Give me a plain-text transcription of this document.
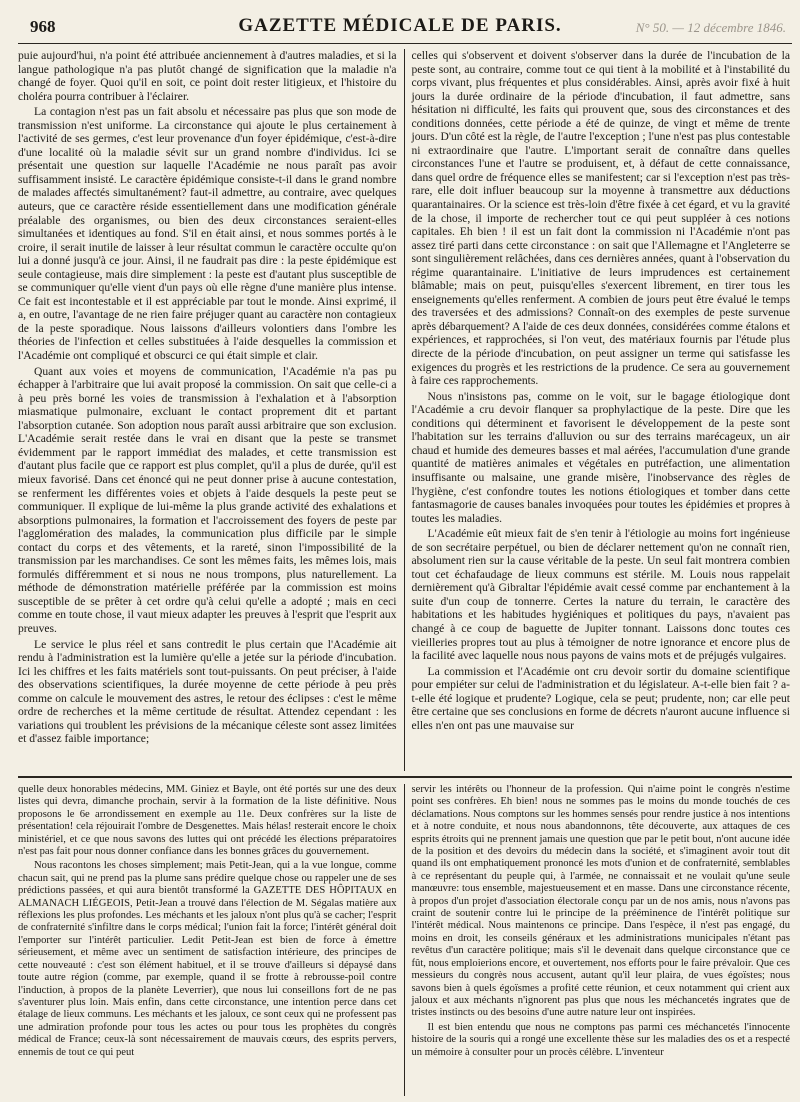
968	GAZETTE MÉDICALE DE PARIS.	N° 50. — 12 décembre 1846.

puie aujourd'hui, n'a point été attribuée anciennement à d'autres maladies, et si la langue pathologique n'a pas plutôt changé de signification que la maladie n'a changé de foyer. Quoi qu'il en soit, ce point doit rester litigieux, et l'histoire du choléra pourra contribuer à l'éclairer.

La contagion n'est pas un fait absolu et nécessaire pas plus que son mode de transmission n'est uniforme. La circonstance qui ajoute le plus certainement à l'activité de ses germes, c'est leur provenance d'un foyer épidémique, c'est-à-dire d'une localité où la maladie sévit sur un grand nombre d'individus. Ici se présentait une question sur laquelle l'Académie ne nous paraît pas avoir suffisamment insisté. Le caractère épidémique consiste-t-il dans le grand nombre de malades affectés simultanément? faut-il admettre, au contraire, avec quelques auteurs, que ce caractère réside essentiellement dans une modification générale préalable des organismes, ou bien des deux circonstances seraient-elles simultanées et identiques au fond. S'il en était ainsi, et nous sommes portés à le croire, il serait inutile de laisser à leur résultat commun le caractère occulte qu'on lui a donné jusqu'à ce jour. Ainsi, il ne faudrait pas dire : la peste épidémique est seule contagieuse, mais dire simplement : la peste est d'autant plus susceptible de se communiquer qu'elle vient d'un pays où elle règne d'une manière plus intense. Ce fait est incontestable et il est appréciable par tout le monde. Ainsi exprimé, il a, en outre, l'avantage de ne rien faire préjuger quant au caractère non contagieux de la peste sporadique. Nous laissons d'ailleurs volontiers dans l'ombre les théories de l'infection et celles substituées à l'aide desquelles la commission et l'Académie ont compliqué et obscurci ce qui était simple et clair.

Quant aux voies et moyens de communication, l'Académie n'a pas pu échapper à l'arbitraire que lui avait proposé la commission. On sait que celle-ci a à peu près borné les voies de transmission à l'exhalation et à l'absorption miasmatique pulmonaire, excluant le contact proprement dit et partant l'absorption cutanée. Son adoption nous paraît aussi arbitraire que son exclusion. L'Académie serait restée dans le vrai en disant que la peste se transmet évidemment par le rapport immédiat des malades, et cette transmission est d'autant plus facile que ce rapport est plus complet, qu'il a plus de durée, qu'il est mieux favorisé. Dans cet énoncé qui ne peut donner prise à aucune contestation, se renferment les différentes voies et objets à l'aide desquels la peste peut se communiquer. Il explique de lui-même la plus grande activité des exhalations et absorptions pulmonaires, la formation et l'accroissement des foyers de peste par l'agglomération des malades, la communication plus difficile par le simple contact du corps et des vêtements, et la rareté, sinon l'impossibilité de la transmission par les marchandises. Ce sont les mêmes faits, les mêmes lois, mais formulés différemment et si nous ne nous trompons, plus naturellement. La méthode de démonstration matérielle préférée par la commission est moins susceptible de se prêter à cet ordre qu'à celui qu'elle a adopté ; mais en ceci comme en toute chose, il vaut mieux adapter les preuves à l'esprit que l'esprit aux preuves.

Le service le plus réel et sans contredit le plus certain que l'Académie ait rendu à l'administration est la lumière qu'elle a jetée sur la période d'incubation. Ici les chiffres et les faits matériels sont tout-puissants. On peut préciser, à l'aide des observations scientifiques, la durée moyenne de cette période à peu près comme on calcule le mouvement des astres, le retour des éclipses : c'est le même ordre de recherches et la même certitude de résultat. Attendez cependant : les variations qui troublent les prévisions de la mécanique céleste sont assez limitées et d'assez faible importance;

celles qui s'observent et doivent s'observer dans la durée de l'incubation de la peste sont, au contraire, comme tout ce qui tient à la mobilité et à l'instabilité du corps vivant, plus fréquentes et plus considérables. Ainsi, après avoir fixé à huit jours la durée ordinaire de la période d'incubation, il faut admettre, sans hésitation ni difficulté, les faits qui prouvent que, sous des circonstances et des conditions données, cette période a été de quinze, de vingt et même de trente jours. D'un côté est la règle, de l'autre l'exception ; l'une n'est pas plus contestable ni extraordinaire que l'autre. L'important serait de connaître dans quelles circonstances l'une et l'autre se produisent, et, à défaut de cette connaissance, dans quel ordre de fréquence elles se manifestent; car si l'exception n'est pas très-rare, elle doit influer beaucoup sur la moyenne à transmettre aux déductions quarantainaires. Or la science est très-loin d'être fixée à cet égard, et vu la gravité de la chose, il importe de rechercher tout ce qui peut suppléer à ces notions capitales. Eh bien ! il est un fait dont la commission ni l'Académie n'ont pas assez tiré parti dans cette circonstance : on sait que l'Allemagne et l'Angleterre se sont singulièrement relâchées, dans ces dernières années, quant à l'observation du régime quarantainaire. L'initiative de leurs imprudences est certainement blâmable; mais on peut, puisqu'elles s'exercent librement, en tirer tous les enseignements qu'elles renferment. A combien de jours peut être évalué le temps des traversées et des admissions? Connaît-on des exemples de peste survenue après débarquement? A l'aide de ces deux données, considérées comme étalons et expériences, et rapprochées, si l'on veut, des matériaux fournis par l'étude plus directe de la période d'incubation, on peut assigner un terme qui satisfasse les exigences du progrès et les restrictions de la prudence. Ce sera au gouvernement à faire ces rapprochements.

Nous n'insistons pas, comme on le voit, sur le bagage étiologique dont l'Académie a cru devoir flanquer sa prophylactique de la peste. Dire que les conditions qui déterminent et favorisent le développement de la peste sont l'habitation sur les terrains d'alluvion ou sur des terrains marécageux, un air chaud et humide des demeures basses et mal aérées, l'accumulation d'une grande quantité de matières animales et végétales en putréfaction, une alimentation insuffisante ou malsaine, une grande misère, l'inobservance des règles de l'hygiène, c'est confondre toutes les notions étiologiques et tomber dans cette fantasmagorie de causes banales invoquées pour toutes les épidémies et propres à toutes les maladies.

L'Académie eût mieux fait de s'en tenir à l'étiologie au moins fort ingénieuse de son secrétaire perpétuel, ou bien de déclarer nettement qu'on ne connaît rien, absolument rien sur la cause véritable de la peste. Un seul fait montrera combien tout cet échafaudage de lieux communs est stérile. M. Louis nous rappelait dernièrement qu'à Gibraltar l'épidémie avait cessé comme par enchantement à la suite d'un coup de tonnerre. Certes la nature du terrain, le caractère des habitations et les habitudes hygiéniques et politiques du pays, n'avaient pas changé à ce coup de baguette de Jupiter tonnant. Laissons donc toutes ces vieilleries propres tout au plus à témoigner de notre ignorance et encore plus de la facilité avec laquelle nous nous payons de vains mots et de préjugés vulgaires.

La commission et l'Académie ont cru devoir sortir du domaine scientifique pour empiéter sur celui de l'administration et du législateur. A-t-elle bien fait ? a-t-elle été logique et prudente? Logique, cela se peut; prudente, non; car elle peut être certaine que ses conclusions en forme de décrets n'auront aucune influence si elles n'en ont pas une mauvaise sur

quelle deux honorables médecins, MM. Giniez et Bayle, ont été portés sur une des deux listes qui devra, dimanche prochain, servir à la formation de la liste définitive. Nous proposons le 6e arrondissement en exemple au 11e. Deux confrères sur la liste de présentation! cela réjouirait l'ombre de Desgenettes. Mais hélas! resterait encore le choix ministériel, et ce que nous savons des luttes qui ont précédé les élections préparatoires n'est pas fait pour nous donner confiance dans les bonnes grâces du gouvernement.

Nous racontons les choses simplement; mais Petit-Jean, qui a la vue longue, comme chacun sait, qui ne prend pas la plume sans prédire quelque chose ou rappeler une de ses prédictions passées, et qui aura bientôt transformé la GAZETTE DES HÔPITAUX en ALMANACH LIÉGEOIS, Petit-Jean a trouvé dans l'élection de M. Ségalas matière aux réflexions les plus profondes. Les méchants et les jaloux n'ont plus qu'à se cacher; l'esprit de confraternité s'infiltre dans le corps médical; l'union fait la force; l'intérêt général doit l'emporter sur l'intérêt particulier. Ledit Petit-Jean est bien de force à émettre sérieusement, et même avec un sentiment de satisfaction intérieure, des principes de cette nouveauté : c'est son élément habituel, et il se trouve d'ailleurs si dépaysé dans toute autre région (comme, par exemple, quand il se frotte à rebrousse-poil contre l'induction, à propos de la planète Leverrier), que nous lui conseillons fort de ne pas s'aventurer plus loin. Mais enfin, dans cette circonstance, une intention perce dans cet étalage de lieux communs. Les méchants et les jaloux, ce sont ceux qui ne professent pas une admiration profonde pour tous les actes ou pour tous les prophètes du congrès médical de France; ceux-là sont nécessairement de mauvais cœurs, des esprits pervers, ennemis de tout ce qui peut

servir les intérêts ou l'honneur de la profession. Qui n'aime point le congrès n'estime point ses confrères. Eh bien! nous ne sommes pas le moins du monde touchés de ces déclamations. Nous comptons sur les hommes sensés pour rendre justice à nos intentions et à notre conduite, et nous nous abandonnons, tête découverte, aux attaques de ces esprits étroits qui ne prennent jamais une question que par le petit bout, n'ont aucune idée de la position et des devoirs du médecin dans la société, et s'imaginent avoir tout dit quand ils ont emphatiquement prononcé les mots d'union et de confraternité, semblables à ce représentant du peuple qui, à l'armée, ne connaissait et ne voulait qu'une seule manœuvre: tous ensemble, majestueusement et en masse. Dans une circonstance récente, à propos d'un projet d'association électorale conçu par un de nos amis, nous n'avons pas craint de soutenir contre lui le principe de la prééminence de l'intérêt politique sur l'intérêt médical. Nous maintenons ce principe. Dans l'espèce, il n'est pas engagé, du moins en droit, les conseils généraux et les administrations municipales n'étant pas revêtus d'un caractère politique; mais s'il le devenait dans quelque circonstance que ce fût, nous emploierions encore, et ouvertement, nos efforts pour le faire prévaloir. Que ces messieurs du congrès nous accusent, autant qu'il leur plaira, de vues égoïstes; nous savons bien à quels égoïsmes a profité cette réunion, et ceux notamment qui crient aux jaloux et aux méchants n'ignorent pas plus que nous les méchancetés ingrates que de tristes instincts ou des besoins d'une autre nature leur ont inspirées.

Il est bien entendu que nous ne comptons pas parmi ces méchancetés l'innocente histoire de la souris qui a rongé une excellente thèse sur les maladies des os et a respecté un mémoire à consulter pour un procès célèbre. L'inventeur
